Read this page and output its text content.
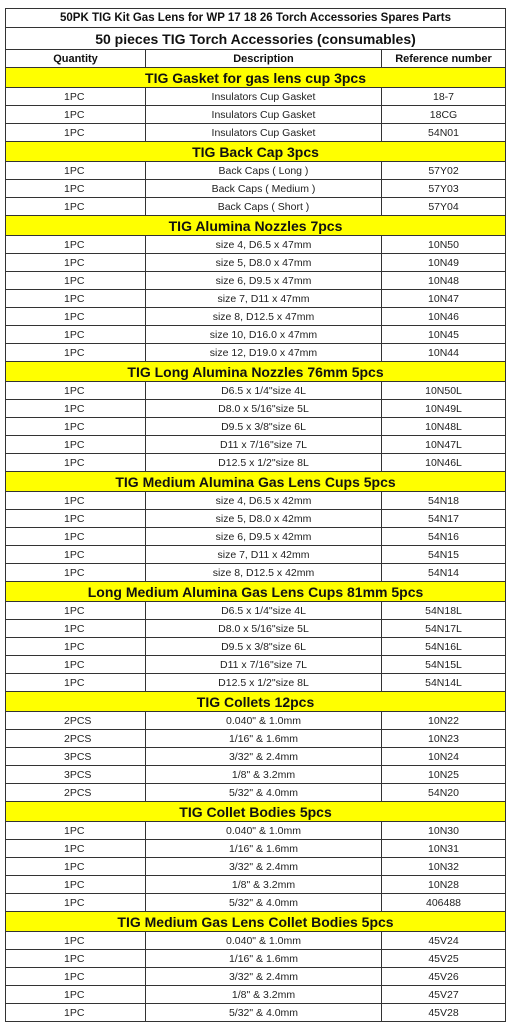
50PK TIG Kit Gas Lens for WP 17 18 26 Torch Accessories Spares Parts		
50 pieces TIG Torch Accessories (consumables)		
Quantity	Description	Reference number
TIG Gasket for gas lens cup 3pcs		
1PC	Insulators Cup Gasket	18-7
1PC	Insulators Cup Gasket	18CG
1PC	Insulators Cup Gasket	54N01
TIG Back Cap 3pcs		
1PC	Back Caps ( Long )	57Y02
1PC	Back Caps ( Medium )	57Y03
1PC	Back Caps ( Short )	57Y04
TIG Alumina Nozzles 7pcs		
1PC	size 4, D6.5 x 47mm	10N50
1PC	size 5, D8.0 x 47mm	10N49
1PC	size 6, D9.5 x 47mm	10N48
1PC	size 7, D11 x 47mm	10N47
1PC	size 8, D12.5 x 47mm	10N46
1PC	size 10, D16.0 x 47mm	10N45
1PC	size 12, D19.0 x 47mm	10N44
TIG Long Alumina Nozzles 76mm 5pcs		
1PC	D6.5 x 1/4"size 4L	10N50L
1PC	D8.0 x 5/16"size 5L	10N49L
1PC	D9.5 x 3/8"size 6L	10N48L
1PC	D11 x 7/16"size 7L	10N47L
1PC	D12.5 x 1/2"size 8L	10N46L
TIG Medium Alumina Gas Lens Cups 5pcs		
1PC	size 4, D6.5 x 42mm	54N18
1PC	size 5, D8.0 x 42mm	54N17
1PC	size 6, D9.5 x 42mm	54N16
1PC	size 7, D11 x 42mm	54N15
1PC	size 8, D12.5 x 42mm	54N14
Long Medium Alumina Gas Lens Cups 81mm 5pcs		
1PC	D6.5 x 1/4"size 4L	54N18L
1PC	D8.0 x 5/16"size 5L	54N17L
1PC	D9.5 x 3/8"size 6L	54N16L
1PC	D11 x 7/16"size 7L	54N15L
1PC	D12.5 x 1/2"size 8L	54N14L
TIG Collets 12pcs		
2PCS	0.040" & 1.0mm	10N22
2PCS	1/16" & 1.6mm	10N23
3PCS	3/32" & 2.4mm	10N24
3PCS	1/8" & 3.2mm	10N25
2PCS	5/32" & 4.0mm	54N20
TIG Collet Bodies 5pcs		
1PC	0.040" & 1.0mm	10N30
1PC	1/16" & 1.6mm	10N31
1PC	3/32" & 2.4mm	10N32
1PC	1/8" & 3.2mm	10N28
1PC	5/32" & 4.0mm	406488
TIG Medium Gas Lens Collet Bodies 5pcs		
1PC	0.040" & 1.0mm	45V24
1PC	1/16" & 1.6mm	45V25
1PC	3/32" & 2.4mm	45V26
1PC	1/8" & 3.2mm	45V27
1PC	5/32" & 4.0mm	45V28
